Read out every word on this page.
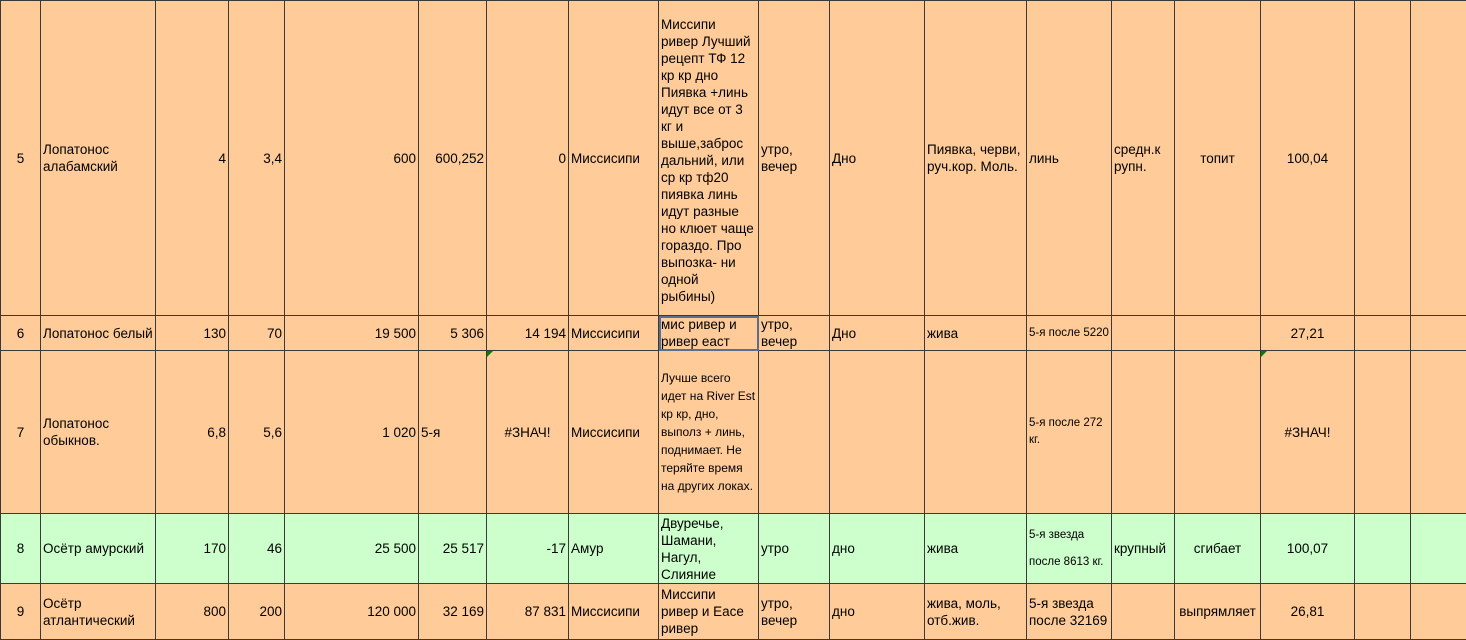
5	Лопатонос алабамский	4	3,4	600	600,252	0	Миссисипи	Миссипи ривер Лучший рецепт ТФ 12 кр кр дно Пиявка +линь идут все от 3 кг и выше,заброс дальний, или ср кр тф20 пиявка линь идут разные но клюет чаще гораздо. Про выпозка- ни одной рыбины)	утро, вечер	Дно	Пиявка, черви, руч.кор. Моль.	линь	средн.к рупн.	топит	100,04		
6	Лопатонос белый	130	70	19 500	5 306	14 194	Миссисипи	мис ривер и ривер еаст	утро, вечер	Дно	жива	5-я после 5220			27,21		
7	Лопатонос обыкнов.	6,8	5,6	1 020	5-я	#ЗНАЧ!	Миссисипи	Лучше всего идет на River Est кр кр, дно, выполз + линь, поднимает. Не теряйте время на других локах.				5-я после 272 кг.			#ЗНАЧ!		

8	Осётр амурский	170	46	25 500	25 517	-17	Амур	Двуречье, Шамани, Нагул, Слияние	утро	дно	жива	5-я звезда после 8613 кг.	крупный	сгибает	100,07		
9	Осётр атлантический	800	200	120 000	32 169	87 831	Миссисипи	Миссипи ривер и Еасе ривер	утро, вечер	дно	жива, моль, отб.жив.	5-я звезда после 32169		выпрямляет	26,81		
